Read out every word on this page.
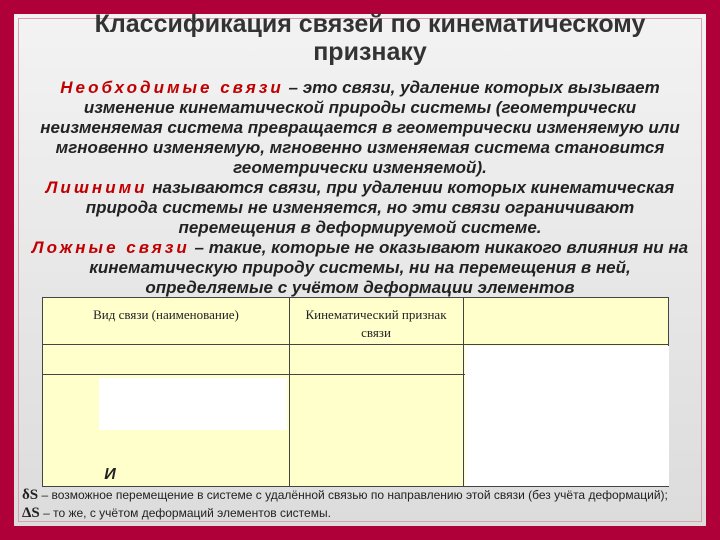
Классификация связей по кинематическому признаку
Необходимые связи – это связи, удаление которых вызывает изменение кинематической природы системы (геометрически неизменяемая система превращается в геометрически изменяемую или мгновенно изменяемую, мгновенно изменяемая система становится геометрически изменяемой).
Лишними называются связи, при удалении которых кинематическая природа системы не изменяется, но эти связи ограничивают перемещения в деформируемой системе.
Ложные связи – такие, которые не оказывают никакого влияния ни на кинематическую природу системы, ни на перемещения в ней, определяемые с учётом деформации элементов
Вид связи (наименование)	Кинематический признак связи
И
δS – возможное перемещение в системе с удалённой связью по направлению этой связи (без учёта деформаций);
ΔS – то же, с учётом деформаций элементов системы.
